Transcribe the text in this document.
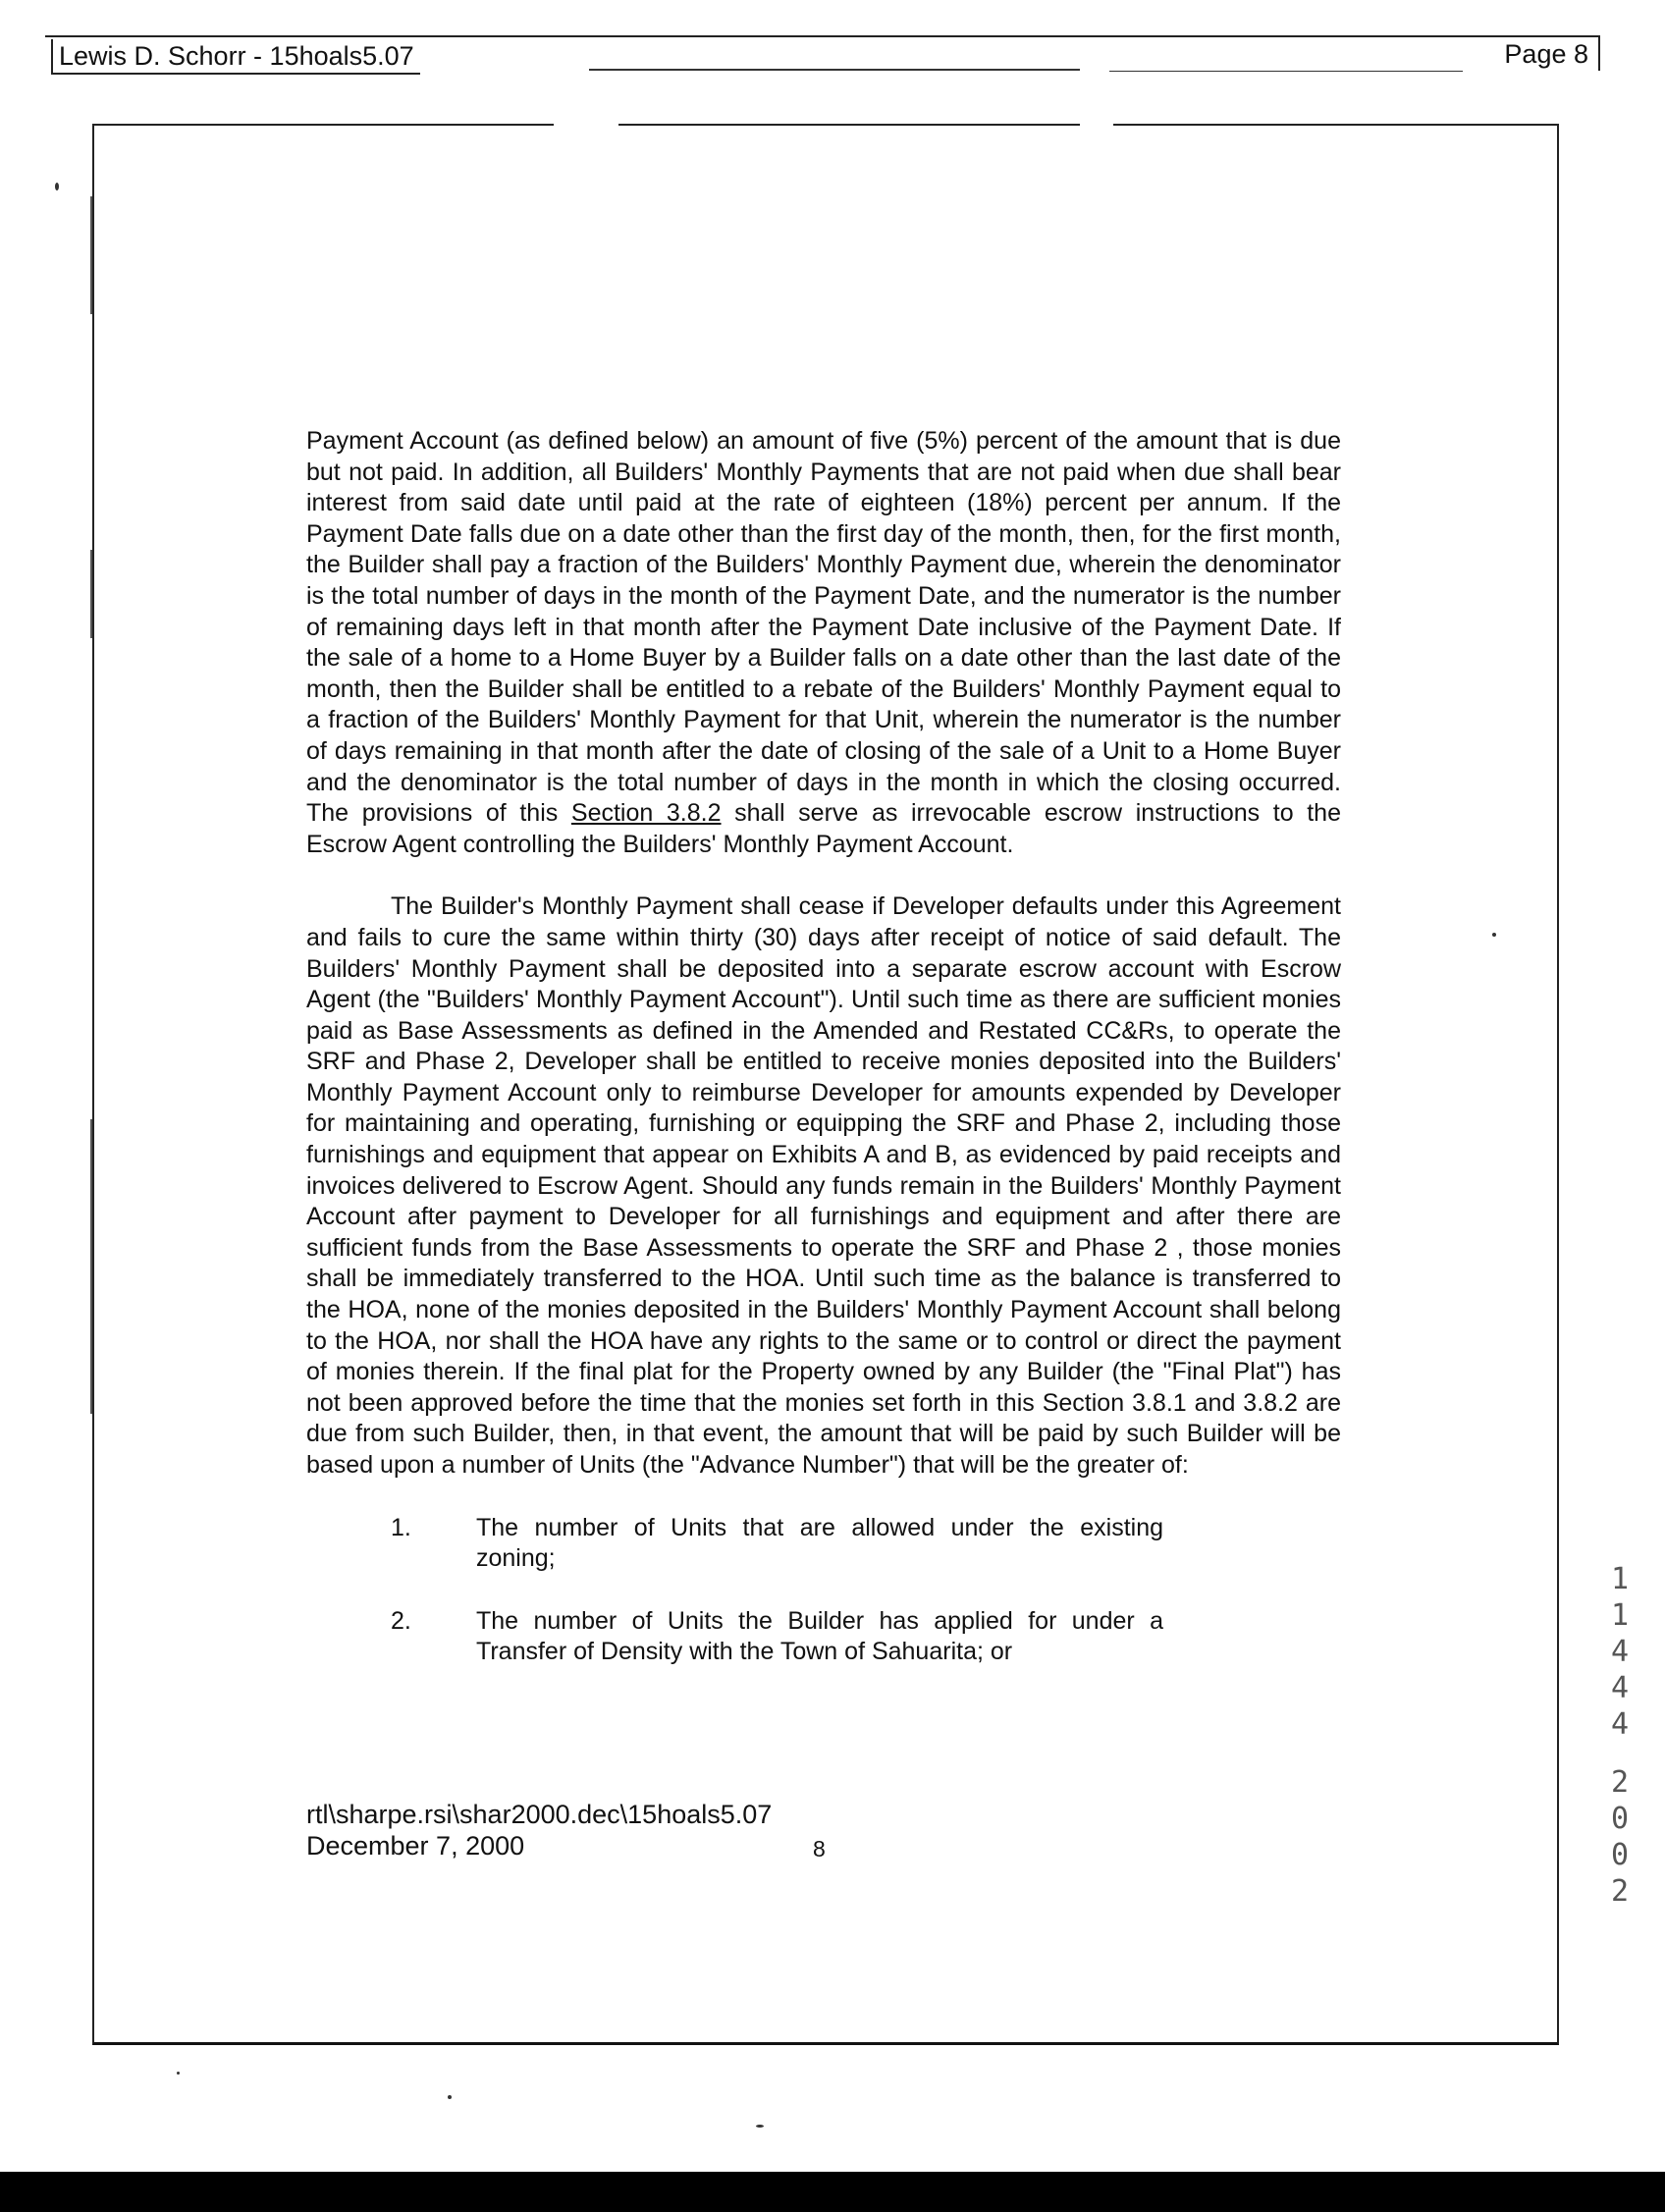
Lewis D. Schorr - 15hoals5.07	Page 8

Payment Account (as defined below) an amount of five (5%) percent of the amount that is due but not paid. In addition, all Builders' Monthly Payments that are not paid when due shall bear interest from said date until paid at the rate of eighteen (18%) percent per annum. If the Payment Date falls due on a date other than the first day of the month, then, for the first month, the Builder shall pay a fraction of the Builders' Monthly Payment due, wherein the denominator is the total number of days in the month of the Payment Date, and the numerator is the number of remaining days left in that month after the Payment Date inclusive of the Payment Date. If the sale of a home to a Home Buyer by a Builder falls on a date other than the last date of the month, then the Builder shall be entitled to a rebate of the Builders' Monthly Payment equal to a fraction of the Builders' Monthly Payment for that Unit, wherein the numerator is the number of days remaining in that month after the date of closing of the sale of a Unit to a Home Buyer and the denominator is the total number of days in the month in which the closing occurred. The provisions of this Section 3.8.2 shall serve as irrevocable escrow instructions to the Escrow Agent controlling the Builders' Monthly Payment Account.

The Builder's Monthly Payment shall cease if Developer defaults under this Agreement and fails to cure the same within thirty (30) days after receipt of notice of said default. The Builders' Monthly Payment shall be deposited into a separate escrow account with Escrow Agent (the "Builders' Monthly Payment Account"). Until such time as there are sufficient monies paid as Base Assessments as defined in the Amended and Restated CC&Rs, to operate the SRF and Phase 2, Developer shall be entitled to receive monies deposited into the Builders' Monthly Payment Account only to reimburse Developer for amounts expended by Developer for maintaining and operating, furnishing or equipping the SRF and Phase 2, including those furnishings and equipment that appear on Exhibits A and B, as evidenced by paid receipts and invoices delivered to Escrow Agent. Should any funds remain in the Builders' Monthly Payment Account after payment to Developer for all furnishings and equipment and after there are sufficient funds from the Base Assessments to operate the SRF and Phase 2 , those monies shall be immediately transferred to the HOA. Until such time as the balance is transferred to the HOA, none of the monies deposited in the Builders' Monthly Payment Account shall belong to the HOA, nor shall the HOA have any rights to the same or to control or direct the payment of monies therein. If the final plat for the Property owned by any Builder (the "Final Plat") has not been approved before the time that the monies set forth in this Section 3.8.1 and 3.8.2 are due from such Builder, then, in that event, the amount that will be paid by such Builder will be based upon a number of Units (the "Advance Number") that will be the greater of:

1.	The number of Units that are allowed under the existing zoning;
2.	The number of Units the Builder has applied for under a Transfer of Density with the Town of Sahuarita; or
rtl\sharpe.rsi\shar2000.dec\15hoals5.07
December 7, 2000	8
1
1
4
4
4
2
0
0
2
